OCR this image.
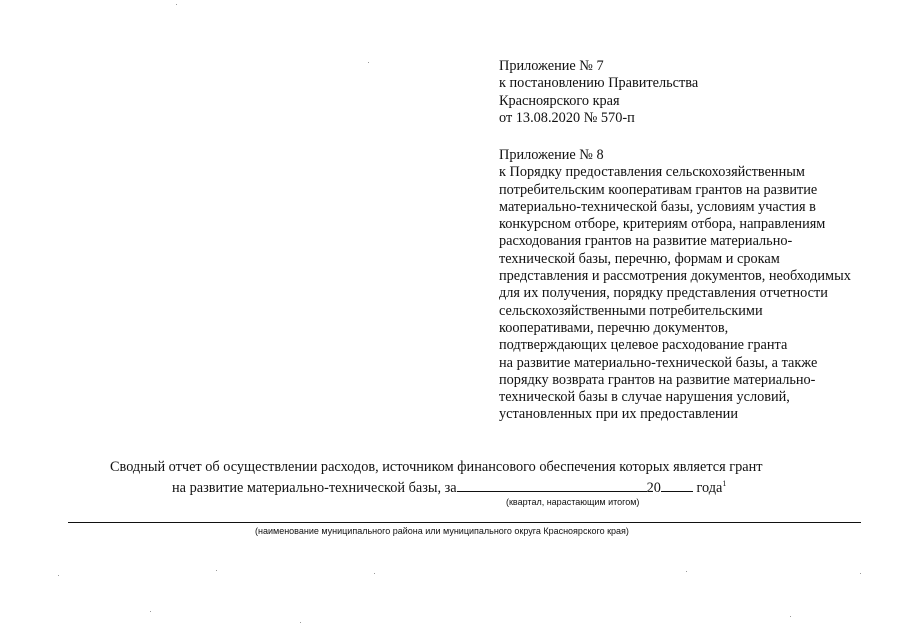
Приложение № 7
к постановлению Правительства
Красноярского края
от 13.08.2020 № 570-п
Приложение № 8
к Порядку предоставления сельскохозяйственным
потребительским кооперативам грантов на развитие
материально-технической базы, условиям участия в
конкурсном отборе, критериям отбора, направлениям
расходования грантов на развитие материально-
технической базы, перечню, формам и срокам
представления и рассмотрения документов, необходимых
для их получения, порядку представления отчетности
сельскохозяйственными потребительскими
кооперативами, перечню документов,
подтверждающих целевое расходование гранта
на развитие материально-технической базы, а также
порядку возврата грантов на развитие материально-
технической базы в случае нарушения условий,
установленных при их предоставлении
Сводный отчет об осуществлении расходов, источником финансового обеспечения которых является грант
на развитие материально-технической базы, за	20 года$^1$
(квартал, нарастающим итогом)
(наименование муниципального района или муниципального округа Красноярского края)
